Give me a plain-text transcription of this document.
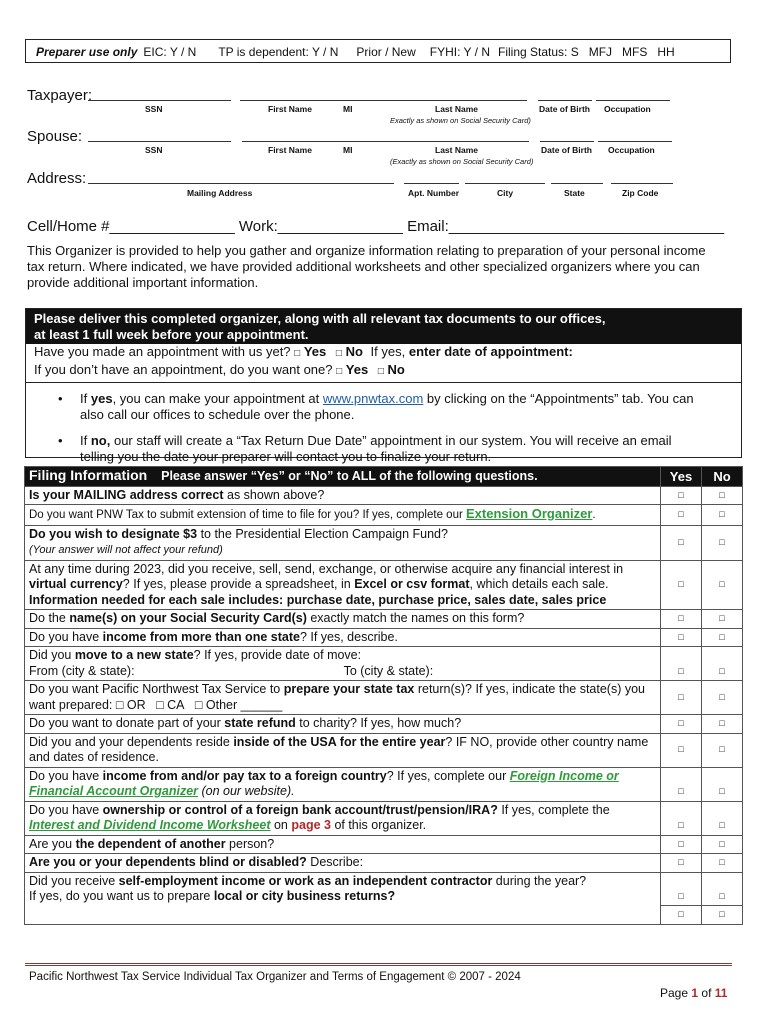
Preparer use only EIC: Y / N TP is dependent: Y / N Prior / New FYHI: Y / N Filing Status: S MFJ MFS HH
Taxpayer:
SSN	First Name	MI	Last Name	Date of Birth Occupation
Exactly as shown on Social Security Card)
Spouse:
SSN	First Name	MI	Last Name	Date of Birth Occupation
(Exactly as shown on Social Security Card)
Address:
Mailing Address	Apt. Number	City	State	Zip Code
Cell/Home #_______________ Work:_______________ Email:_________________________________
This Organizer is provided to help you gather and organize information relating to preparation of your personal income tax return. Where indicated, we have provided additional worksheets and other specialized organizers where you can provide additional important information.
Please deliver this completed organizer, along with all relevant tax documents to our offices,
at least 1 full week before your appointment.
Have you made an appointment with us yet? □ Yes □ No If yes, enter date of appointment:
If you don’t have an appointment, do you want one? □ Yes □ No
• If yes, you can make your appointment at www.pnwtax.com by clicking on the “Appointments” tab. You can also call our offices to schedule over the phone.
• If no, our staff will create a “Tax Return Due Date” appointment in our system. You will receive an email telling you the date your preparer will contact you to finalize your return.
Filing Information Please answer “Yes” or “No” to ALL of the following questions.	Yes	No
Is your MAILING address correct as shown above?	□	□
Do you want PNW Tax to submit extension of time to file for you? If yes, complete our Extension Organizer.	□	□
Do you wish to designate $3 to the Presidential Election Campaign Fund?
(Your answer will not affect your refund)	□	□
At any time during 2023, did you receive, sell, send, exchange, or otherwise acquire any financial interest in virtual currency? If yes, please provide a spreadsheet, in Excel or csv format, which details each sale. Information needed for each sale includes: purchase date, purchase price, sales date, sales price	□	□
Do the name(s) on your Social Security Card(s) exactly match the names on this form?	□	□
Do you have income from more than one state? If yes, describe.	□	□
Did you move to a new state? If yes, provide date of move:
From (city & state): To (city & state):	□	□
Do you want Pacific Northwest Tax Service to prepare your state tax return(s)? If yes, indicate the state(s) you want prepared: □ OR □ CA □ Other ______	□	□
Do you want to donate part of your state refund to charity? If yes, how much?	□	□
Did you and your dependents reside inside of the USA for the entire year? IF NO, provide other country name and dates of residence.	□	□
Do you have income from and/or pay tax to a foreign country? If yes, complete our Foreign Income or Financial Account Organizer (on our website).	□	□
Do you have ownership or control of a foreign bank account/trust/pension/IRA? If yes, complete the Interest and Dividend Income Worksheet on page 3 of this organizer.	□	□
Are you the dependent of another person?	□	□
Are you or your dependents blind or disabled? Describe:	□	□
Did you receive self-employment income or work as an independent contractor during the year?
If yes, do you want us to prepare local or city business returns?	□	□
	□	□
Pacific Northwest Tax Service Individual Tax Organizer and Terms of Engagement © 2007 - 2024
Page 1 of 11
